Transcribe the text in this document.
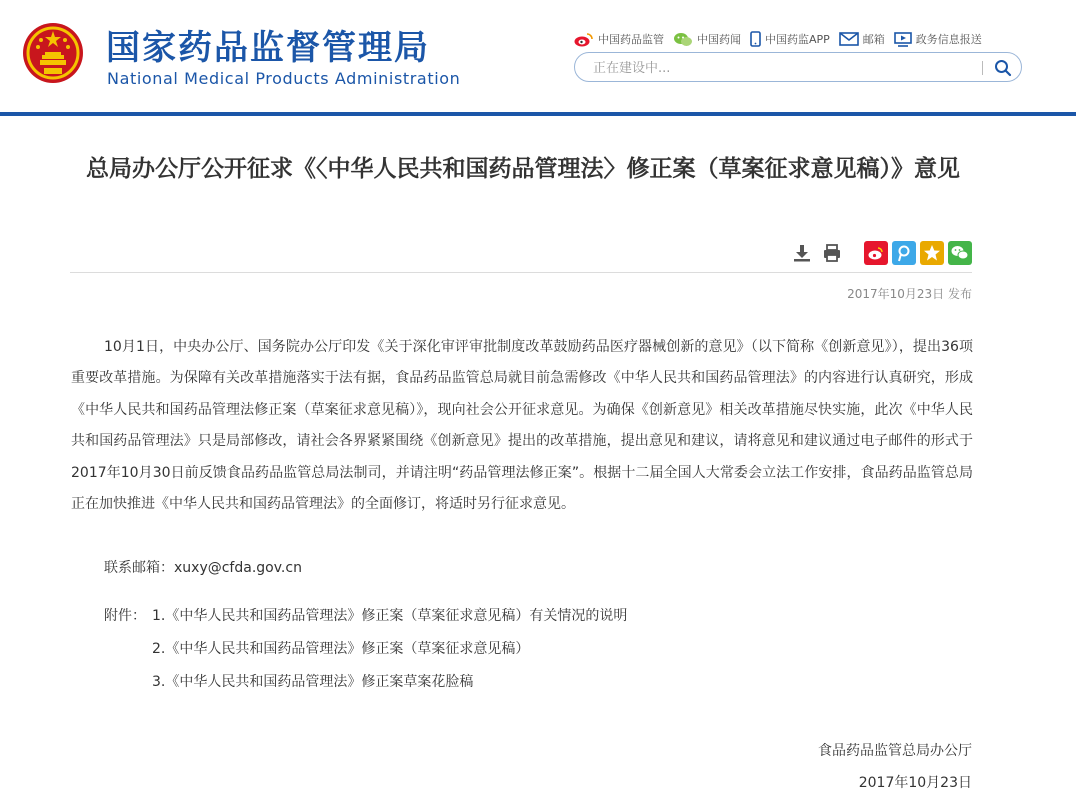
国家药品监督管理局
National Medical Products Administration
中国药品监管	中国药闻 中国药监APP	邮箱	政务信息报送
正在建设中...
总局办公厅公开征求《〈中华人民共和国药品管理法〉修正案（草案征求意见稿）》意见
2017年10月23日 发布

10月1日，中央办公厅、国务院办公厅印发《关于深化审评审批制度改革鼓励药品医疗器械创新的意见》（以下简称《创新意见》），提出36项重要改革措施。为保障有关改革措施落实于法有据，食品药品监管总局就目前急需修改《中华人民共和国药品管理法》的内容进行认真研究，形成《中华人民共和国药品管理法修正案（草案征求意见稿）》，现向社会公开征求意见。为确保《创新意见》相关改革措施尽快实施，此次《中华人民共和国药品管理法》只是局部修改，请社会各界紧紧围绕《创新意见》提出的改革措施，提出意见和建议，请将意见和建议通过电子邮件的形式于2017年10月30日前反馈食品药品监管总局法制司，并请注明“药品管理法修正案”。根据十二届全国人大常委会立法工作安排，食品药品监管总局正在加快推进《中华人民共和国药品管理法》的全面修订，将适时另行征求意见。

联系邮箱：xuxy@cfda.gov.cn
附件： 1.《中华人民共和国药品管理法》修正案（草案征求意见稿）有关情况的说明
2.《中华人民共和国药品管理法》修正案（草案征求意见稿）
3.《中华人民共和国药品管理法》修正案草案花脸稿
食品药品监管总局办公厅
2017年10月23日
